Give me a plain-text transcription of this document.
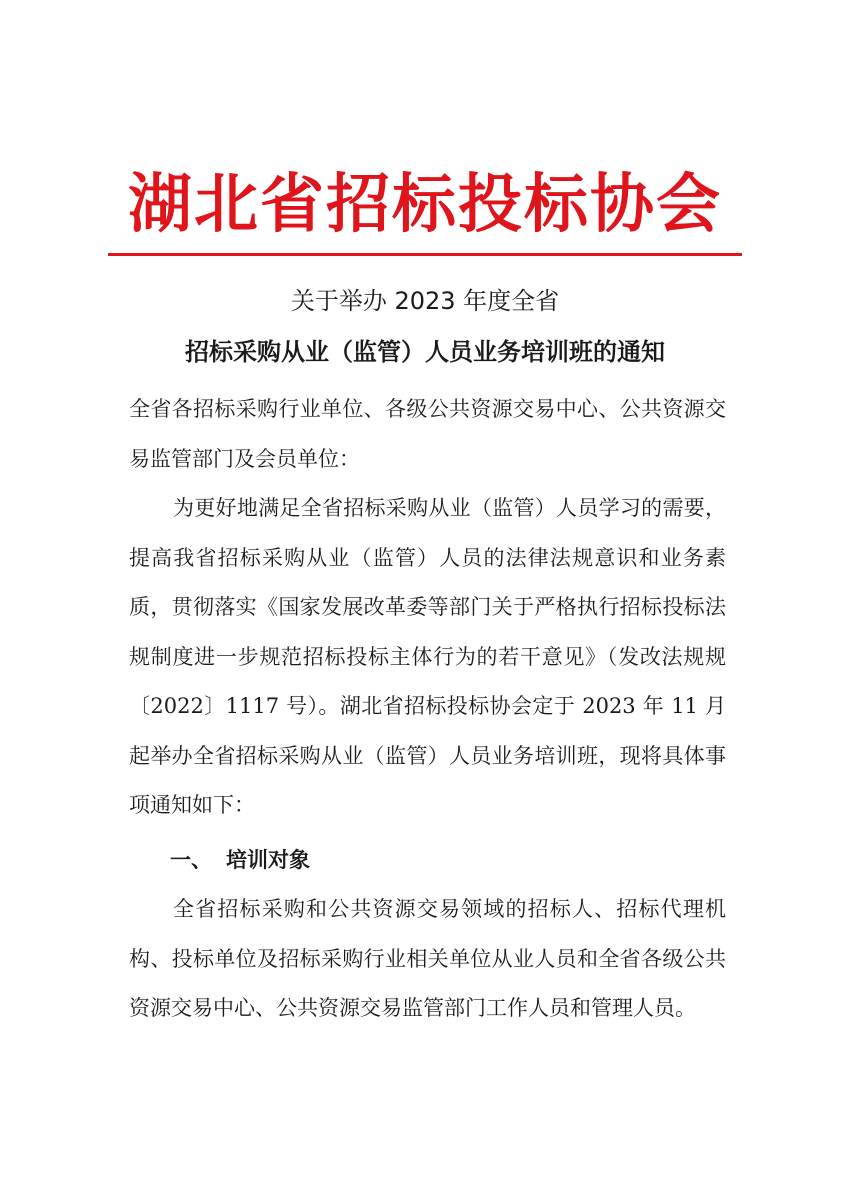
湖北省招标投标协会
关于举办 2023 年度全省
招标采购从业（监管）人员业务培训班的通知

全省各招标采购行业单位、各级公共资源交易中心、公共资源交易监管部门及会员单位：

为更好地满足全省招标采购从业（监管）人员学习的需要，提高我省招标采购从业（监管）人员的法律法规意识和业务素质，贯彻落实《国家发展改革委等部门关于严格执行招标投标法规制度进一步规范招标投标主体行为的若干意见》（发改法规规〔2022〕1117 号）。湖北省招标投标协会定于 2023 年 11 月起举办全省招标采购从业（监管）人员业务培训班，现将具体事项通知如下：

一、 培训对象

全省招标采购和公共资源交易领域的招标人、招标代理机构、投标单位及招标采购行业相关单位从业人员和全省各级公共资源交易中心、公共资源交易监管部门工作人员和管理人员。
